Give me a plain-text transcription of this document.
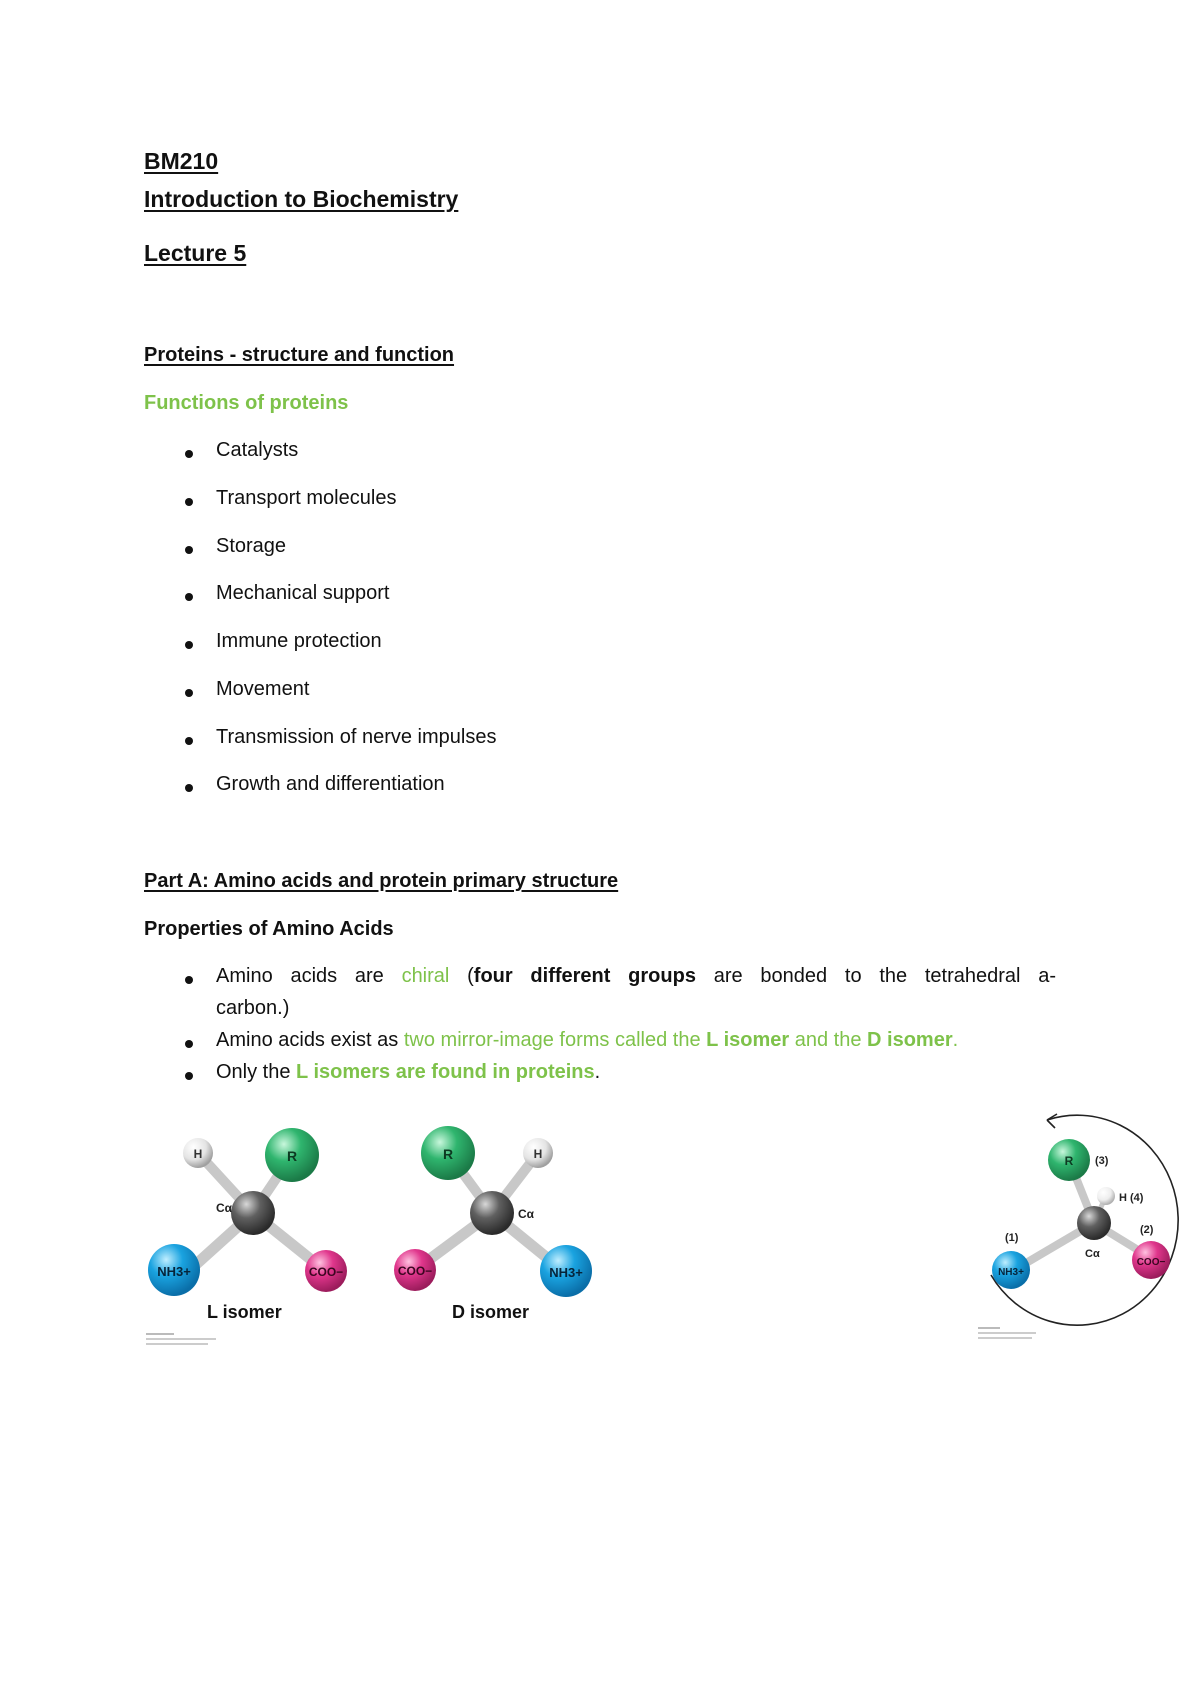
BM210
Introduction to Biochemistry
Lecture 5
Proteins - structure and function
Functions of proteins
Catalysts
Transport molecules
Storage
Mechanical support
Immune protection
Movement
Transmission of nerve impulses
Growth and differentiation
Part A: Amino acids and protein primary structure
Properties of Amino Acids
Amino acids are chiral (four different groups are bonded to the tetrahedral a-
carbon.)
Amino acids exist as two mirror-image forms called the L isomer and the D isomer.
Only the L isomers are found in proteins.
H	R
Cα
NH3+	COO−
R	H
Cα
COO−	NH3+
L isomer	D isomer
R (3)
H (4)
Cα
NH3+
(1)
COO−
(2)
